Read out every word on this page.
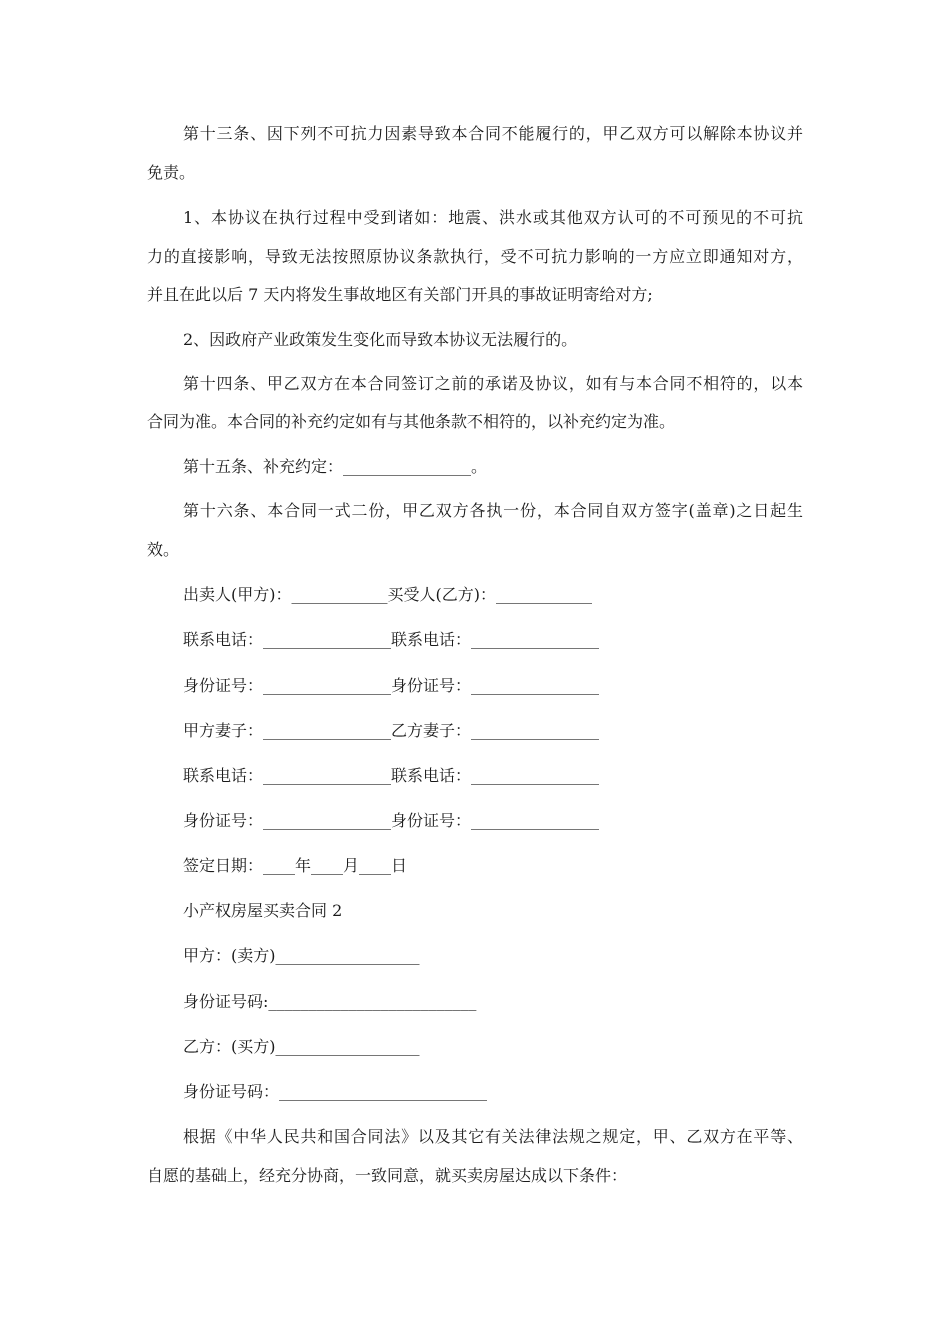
第十三条、因下列不可抗力因素导致本合同不能履行的，甲乙双方可以解除本协议并
免责。
1、本协议在执行过程中受到诸如：地震、洪水或其他双方认可的不可预见的不可抗
力的直接影响，导致无法按照原协议条款执行，受不可抗力影响的一方应立即通知对方，
并且在此以后 7 天内将发生事故地区有关部门开具的事故证明寄给对方;
2、因政府产业政策发生变化而导致本协议无法履行的。
第十四条、甲乙双方在本合同签订之前的承诺及协议，如有与本合同不相符的，以本
合同为准。本合同的补充约定如有与其他条款不相符的，以补充约定为准。
第十五条、补充约定：________________。
第十六条、本合同一式二份，甲乙双方各执一份，本合同自双方签字(盖章)之日起生
效。
出卖人(甲方)：____________买受人(乙方)：____________
联系电话：________________联系电话：________________
身份证号：________________身份证号：________________
甲方妻子：________________乙方妻子：________________
联系电话：________________联系电话：________________
身份证号：________________身份证号：________________
签定日期：____年____月____日
小产权房屋买卖合同 2
甲方：(卖方)__________________
身份证号码:__________________________
乙方：(买方)__________________
身份证号码：__________________________
根据《中华人民共和国合同法》以及其它有关法律法规之规定，甲、乙双方在平等、
自愿的基础上，经充分协商，一致同意，就买卖房屋达成以下条件：
